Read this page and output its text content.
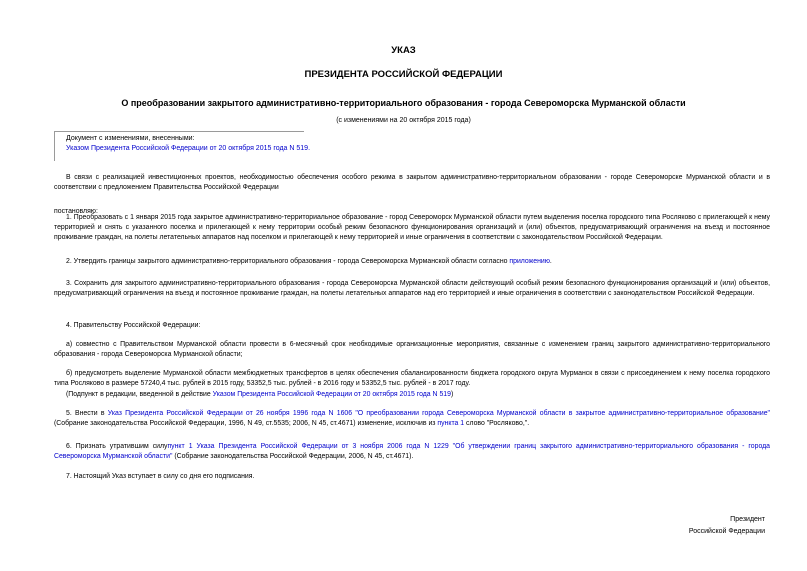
УКАЗ
ПРЕЗИДЕНТА РОССИЙСКОЙ ФЕДЕРАЦИИ
О преобразовании закрытого административно-территориального образования - города Североморска Мурманской области
(с изменениями на 20 октября 2015 года)
Документ с изменениями, внесенными:
Указом Президента Российской Федерации от 20 октября 2015 года N 519.
В связи с реализацией инвестиционных проектов, необходимостью обеспечения особого режима в закрытом административно-территориальном образовании - городе Североморске Мурманской области и в соответствии с предложением Правительства Российской Федерации
постановляю:
1. Преобразовать с 1 января 2015 года закрытое административно-территориальное образование - город Североморск Мурманской области путем выделения поселка городского типа Росляково с прилегающей к нему территорией и снять с указанного поселка и прилегающей к нему территории особый режим безопасного функционирования организаций и (или) объектов, предусматривающий ограничения на въезд и постоянное проживание граждан, на полеты летательных аппаратов над поселком и прилегающей к нему территорией и иные ограничения в соответствии с законодательством Российской Федерации.
2. Утвердить границы закрытого административно-территориального образования - города Североморска Мурманской области согласно приложению.
3. Сохранить для закрытого административно-территориального образования - города Североморска Мурманской области действующий особый режим безопасного функционирования организаций и (или) объектов, предусматривающий ограничения на въезд и постоянное проживание граждан, на полеты летательных аппаратов над его территорией и иные ограничения в соответствии с законодательством Российской Федерации.
4. Правительству Российской Федерации:
а) совместно с Правительством Мурманской области провести в 6-месячный срок необходимые организационные мероприятия, связанные с изменением границ закрытого административно-территориального образования - города Североморска Мурманской области;
б) предусмотреть выделение Мурманской области межбюджетных трансфертов в целях обеспечения сбалансированности бюджета городского округа Мурманск в связи с присоединением к нему поселка городского типа Росляково в размере 57240,4 тыс. рублей в 2015 году, 53352,5 тыс. рублей - в 2016 году и 53352,5 тыс. рублей - в 2017 году.
(Подпункт в редакции, введенной в действие Указом Президента Российской Федерации от 20 октября 2015 года N 519)
5. Внести в Указ Президента Российской Федерации от 26 ноября 1996 года N 1606 "О преобразовании города Североморска Мурманской области в закрытое административно-территориальное образование" (Собрание законодательства Российской Федерации, 1996, N 49, ст.5535; 2006, N 45, ст.4671) изменение, исключив из пункта 1 слово "Росляково,".
6. Признать утратившим силупункт 1 Указа Президента Российской Федерации от 3 ноября 2006 года N 1229 "Об утверждении границ закрытого административно-территориального образования - города Североморска Мурманской области" (Собрание законодательства Российской Федерации, 2006, N 45, ст.4671).
7. Настоящий Указ вступает в силу со дня его подписания.
Президент
Российской Федерации
